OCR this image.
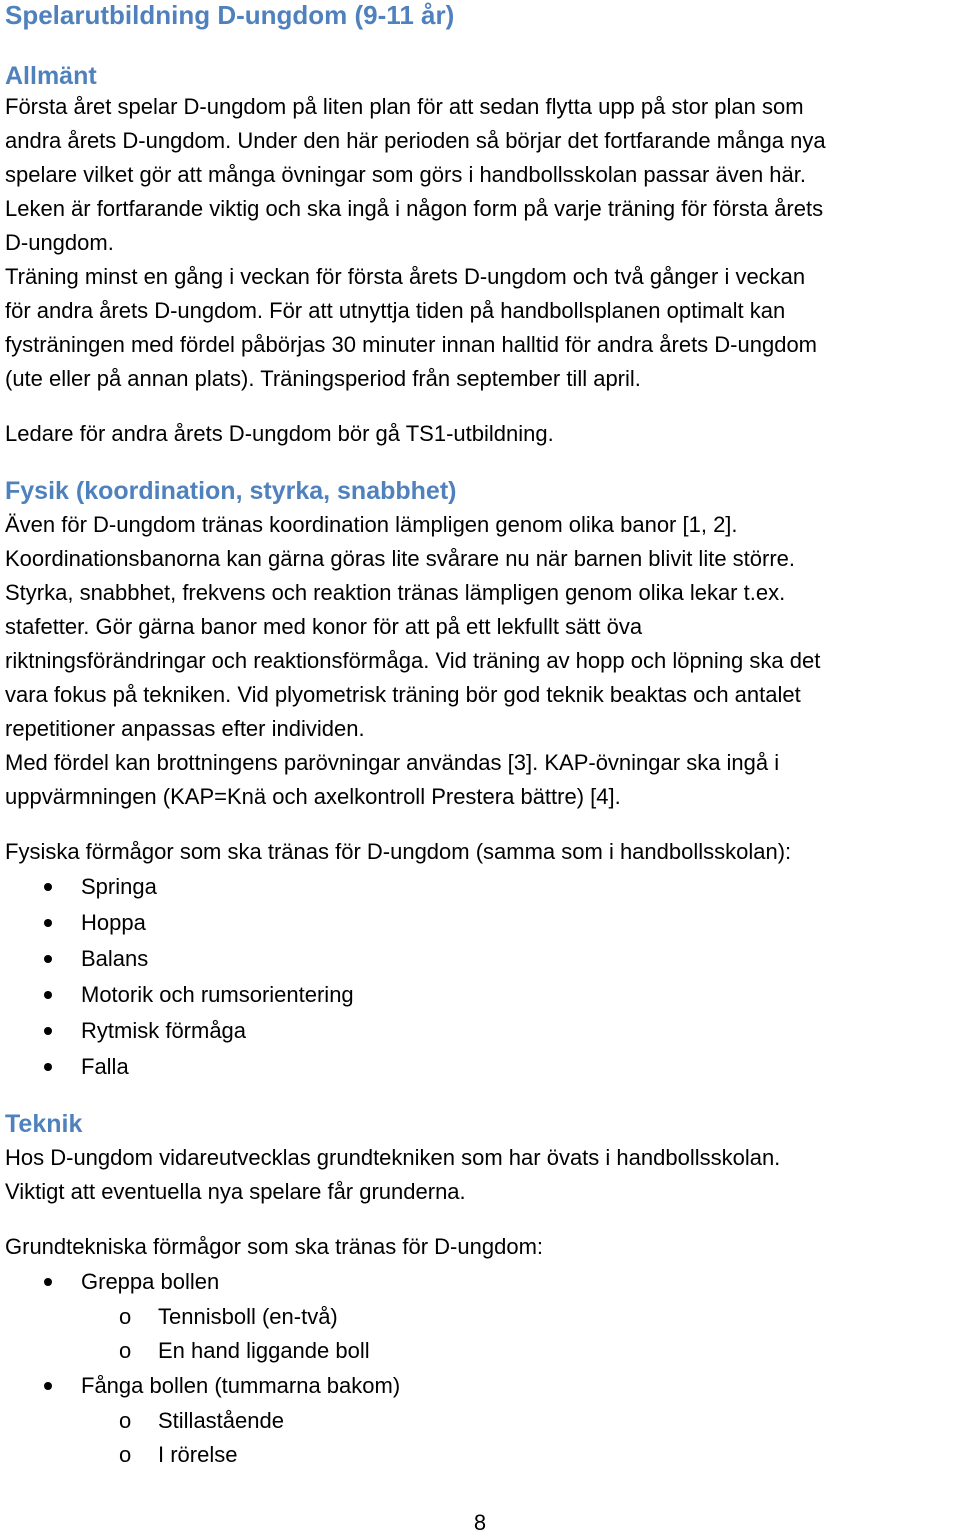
Spelarutbildning D-ungdom (9-11 år)
Allmänt

Första året spelar D-ungdom på liten plan för att sedan flytta upp på stor plan som
andra årets D-ungdom. Under den här perioden så börjar det fortfarande många nya
spelare vilket gör att många övningar som görs i handbollsskolan passar även här.
Leken är fortfarande viktig och ska ingå i någon form på varje träning för första årets
D-ungdom.

Träning minst en gång i veckan för första årets D-ungdom och två gånger i veckan
för andra årets D-ungdom. För att utnyttja tiden på handbollsplanen optimalt kan
fysträningen med fördel påbörjas 30 minuter innan halltid för andra årets D-ungdom
(ute eller på annan plats). Träningsperiod från september till april.

Ledare för andra årets D-ungdom bör gå TS1-utbildning.

Fysik (koordination, styrka, snabbhet)

Även för D-ungdom tränas koordination lämpligen genom olika banor [1, 2].
Koordinationsbanorna kan gärna göras lite svårare nu när barnen blivit lite större.
Styrka, snabbhet, frekvens och reaktion tränas lämpligen genom olika lekar t.ex.
stafetter. Gör gärna banor med konor för att på ett lekfullt sätt öva
riktningsförändringar och reaktionsförmåga. Vid träning av hopp och löpning ska det
vara fokus på tekniken. Vid plyometrisk träning bör god teknik beaktas och antalet
repetitioner anpassas efter individen.
Med fördel kan brottningens parövningar användas [3]. KAP-övningar ska ingå i
uppvärmningen (KAP=Knä och axelkontroll Prestera bättre) [4].

Fysiska förmågor som ska tränas för D-ungdom (samma som i handbollsskolan):

Springa
Hoppa
Balans
Motorik och rumsorientering
Rytmisk förmåga
Falla
Teknik

Hos D-ungdom vidareutvecklas grundtekniken som har övats i handbollsskolan.
Viktigt att eventuella nya spelare får grunderna.

Grundtekniska förmågor som ska tränas för D-ungdom:

Greppa bollen
o Tennisboll (en-två)
o En hand liggande boll
Fånga bollen (tummarna bakom)
o Stillastående
o I rörelse
8
